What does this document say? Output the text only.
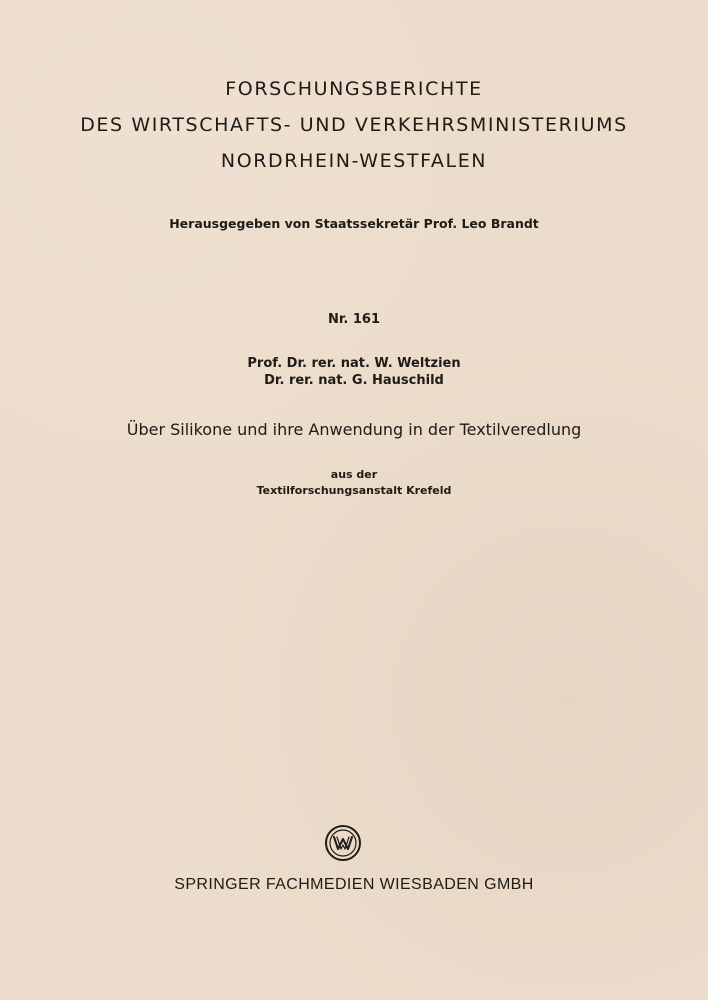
FORSCHUNGSBERICHTE
DES WIRTSCHAFTS- UND VERKEHRSMINISTERIUMS
NORDRHEIN-WESTFALEN
Herausgegeben von Staatssekretär Prof. Leo Brandt
Nr. 161
Prof. Dr. rer. nat. W. Weltzien
Dr. rer. nat. G. Hauschild
Über Silikone und ihre Anwendung in der Textilveredlung
aus der
Textilforschungsanstalt Krefeld
SPRINGER FACHMEDIEN WIESBADEN GMBH
